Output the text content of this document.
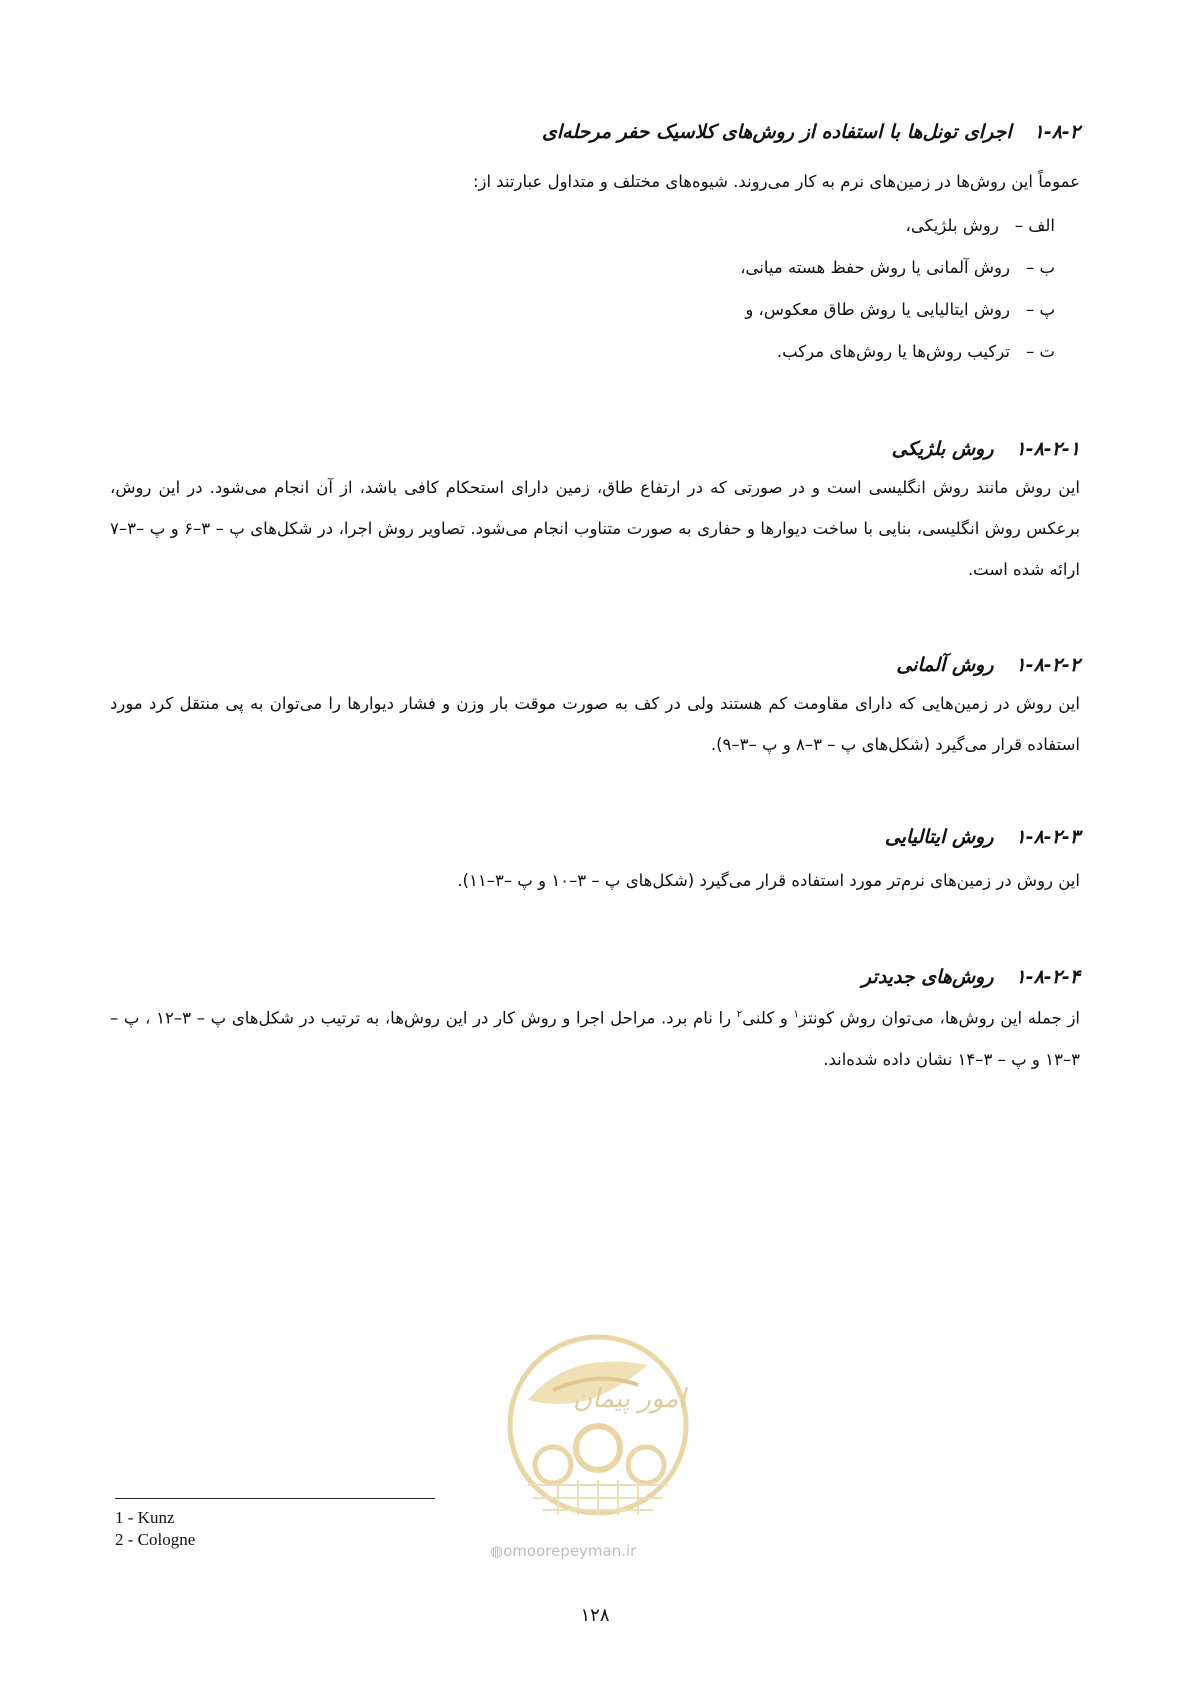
۱-۸-۲اجرای تونل‌ها با استفاده از روش‌های کلاسیک حفر مرحله‌ای
عموماً این روش‌ها در زمین‌های نرم به کار می‌روند. شیوه‌های مختلف و متداول عبارتند از:
الف –روش بلژیکی،
ب –روش آلمانی یا روش حفظ هسته میانی،
پ –روش ایتالیایی یا روش طاق معکوس، و
ت –ترکیب روش‌ها یا روش‌های مرکب.
۱-۸-۲-۱روش بلژیکی

این روش مانند روش انگلیسی است و در صورتی که در ارتفاع طاق، زمین دارای استحکام کافی باشد، از آن انجام می‌شود. در این روش، برعکس روش انگلیسی، بنایی با ساخت دیوارها و حفاری به صورت متناوب انجام می‌شود. تصاویر روش اجرا، در شکل‌های پ – ۳–۶ و پ –۳–۷ ارائه شده است.

۱-۸-۲-۲روش آلمانی

این روش در زمین‌هایی که دارای مقاومت کم هستند ولی در کف به صورت موقت بار وزن و فشار دیوارها را می‌توان به پی منتقل کرد مورد استفاده قرار می‌گیرد (شکل‌های پ – ۳–۸ و پ –۳–۹).

۱-۸-۲-۳روش ایتالیایی
این روش در زمین‌های نرم‌تر مورد استفاده قرار می‌گیرد (شکل‌های پ – ۳–۱۰ و پ –۳–۱۱).
۱-۸-۲-۴روش‌های جدیدتر

از جمله این روش‌ها، می‌توان روش کونتز$^۱$ و کلنی$^۲$ را نام برد. مراحل اجرا و روش کار در این روش‌ها، به ترتیب در شکل‌های پ – ۳–۱۲ ، پ – ۳–۱۳ و پ – ۳–۱۴ نشان داده شده‌اند.

امور پیمان
◍omoorepeyman.ir
1 - Kunz
2 - Cologne
۱۲۸
